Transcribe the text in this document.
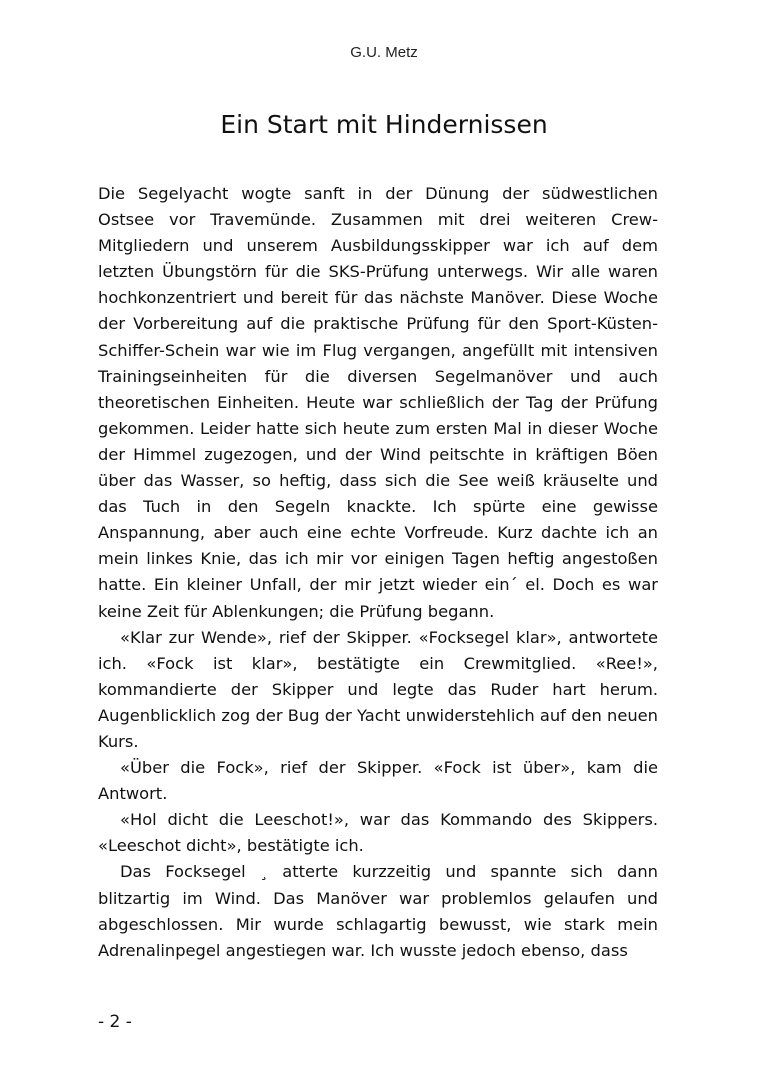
G.U. Metz
Ein Start mit Hindernissen

Die Segelyacht wogte sanft in der Dünung der südwestlichen Ostsee vor Travemünde. Zusammen mit drei weiteren Crew-Mitgliedern und unserem Ausbildungsskipper war ich auf dem letzten Übungstörn für die SKS-Prüfung unterwegs. Wir alle waren hochkonzentriert und bereit für das nächste Manöver. Diese Woche der Vorbereitung auf die praktische Prüfung für den Sport-Küsten-Schiffer-Schein war wie im Flug vergangen, angefüllt mit intensiven Trainingseinheiten für die diversen Segelmanöver und auch theoretischen Einheiten. Heute war schließlich der Tag der Prüfung gekommen. Leider hatte sich heute zum ersten Mal in dieser Woche der Himmel zugezogen, und der Wind peitschte in kräftigen Böen über das Wasser, so heftig, dass sich die See weiß kräuselte und das Tuch in den Segeln knackte. Ich spürte eine gewisse Anspannung, aber auch eine echte Vorfreude. Kurz dachte ich an mein linkes Knie, das ich mir vor einigen Tagen heftig angestoßen hatte. Ein kleiner Unfall, der mir jetzt wieder ein´ el. Doch es war keine Zeit für Ablenkungen; die Prüfung begann.

«Klar zur Wende», rief der Skipper. «Focksegel klar», antwortete ich. «Fock ist klar», bestätigte ein Crewmitglied. «Ree!», kommandierte der Skipper und legte das Ruder hart herum. Augenblicklich zog der Bug der Yacht unwiderstehlich auf den neuen Kurs.

«Über die Fock», rief der Skipper. «Fock ist über», kam die Antwort.

«Hol dicht die Leeschot!», war das Kommando des Skippers. «Leeschot dicht», bestätigte ich.

Das Focksegel ¸ atterte kurzzeitig und spannte sich dann blitzartig im Wind. Das Manöver war problemlos gelaufen und abgeschlossen. Mir wurde schlagartig bewusst, wie stark mein Adrenalinpegel angestiegen war. Ich wusste jedoch ebenso, dass

- 2 -
